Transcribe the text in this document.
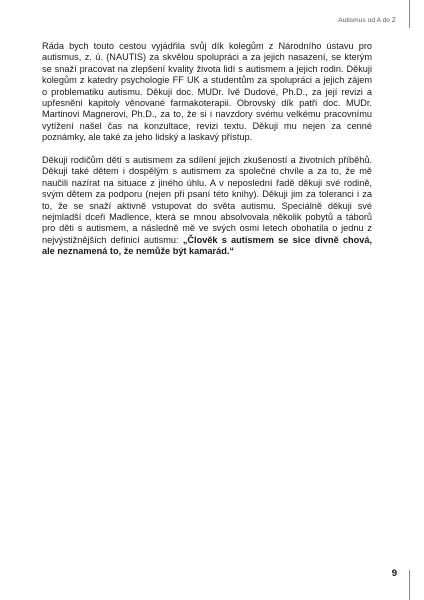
Autismus od A do Z

Ráda bych touto cestou vyjádřila svůj dík kolegům z Národního ústavu pro autismus, z. ú. (NAUTIS) za skvělou spolupráci a za jejich nasazení, se kterým se snaží pracovat na zlepšení kvality života lidí s autismem a jejich rodin. Děkuji kolegům z katedry psychologie FF UK a studentům za spolupráci a jejich zájem o problematiku autismu. Děkuji doc. MUDr. Ivě Dudové, Ph.D., za její revizi a upřesnění kapitoly věnované farmakoterapii. Obrovský dík patří doc. MUDr. Martinovi Magnerovi, Ph.D., za to, že si i navzdory svému velkému pracovnímu vytížení našel čas na konzultace, revizi textu. Děkuji mu nejen za cenné poznámky, ale také za jeho lidský a laskavý přístup.

Děkuji rodičům dětí s autismem za sdílení jejich zkušeností a životních příběhů. Děkuji také dětem i dospělým s autismem za společné chvíle a za to, že mě naučili nazírat na situace z jiného úhlu. A v neposlední řadě děkuji své rodině, svým dětem za podporu (nejen při psaní této knihy). Děkuji jim za toleranci i za to, že se snaží aktivně vstupovat do světa autismu. Speciálně děkuji své nejmladší dceři Madlence, která se mnou absolvovala několik pobytů a táborů pro děti s autismem, a následně mě ve svých osmi letech obohatila o jednu z nejvýstižnějších definicí autismu: „Člověk s autismem se sice divně chová, ale neznamená to, že nemůže být kamarád.“

9
